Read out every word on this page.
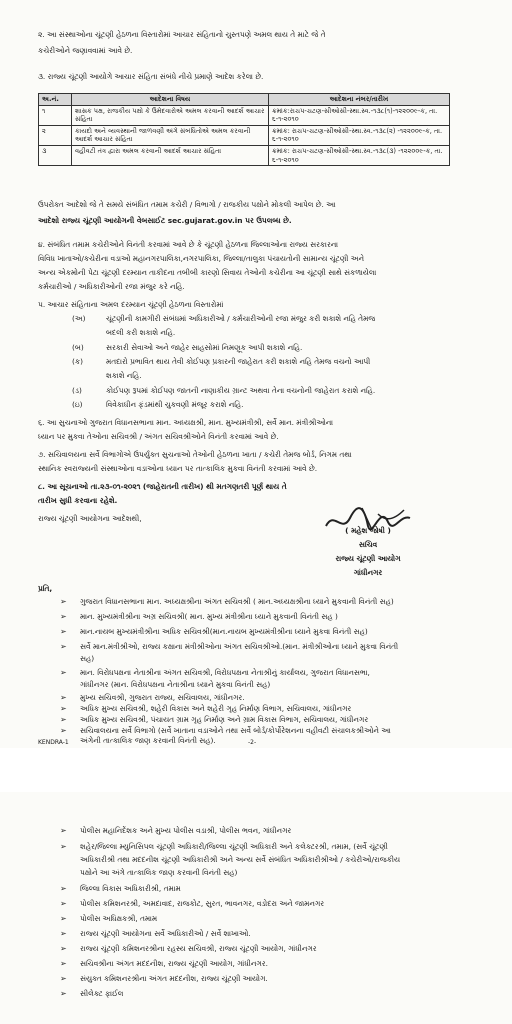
૨. આ સંસ્થાઓના ચૂંટણી હેઠળના વિસ્તારોમાં આચાર સંહિતાનો ચુસ્તપણે અમલ થાય તે માટે જે તે
કચેરીઓને જણાવવામાં આવે છે.
૩. રાજ્ય ચૂંટણી આયોગે આચાર સંહિતા સંબંધે નીચે પ્રમાણે આદેશ કરેલા છે.
અ.નં.	આદેશના વિષય	આદેશના નંબર/તારીખ
૧	શાસક પક્ષ, રાજકીય પક્ષો કે ઉમેદવારોએ અમલ કરવાની આદર્શ આચાર સંહિતા	ક્રમાંક:રાચપ-ચટણ-સીઓસી-સ્થા.સ્વ.-૧૩૮(૧)-૧૨૨૦૦૯-ક, તા. ૬-૧-૨૦૧૦
૨	કાયદો અને વ્યવસ્થાની જાળવણી અંગે સંબંધિતોએ અમલ કરવાની આદર્શ આચાર સંહિતા	ક્રમાંક: રાચપ-ચટણ-સીઓસી-સ્થા.સ્વ.-૧૩૮(૨) -૧૨૨૦૦૯-ક, તા. ૬-૧-૨૦૧૦
૩	વહીવટી તંત્ર દ્વારા અમલ કરવાની આદર્શ આચાર સંહિતા	ક્રમાંક: રાચપ-ચટણ-સીઓસી-સ્થા.સ્વ.-૧૩૮(૩) -૧૨૨૦૦૯-ક, તા. ૬-૧-૨૦૧૦
ઉપરોક્ત આદેશો જે તે સમયે સંબંધિત તમામ કચેરી / વિભાગો / રાજકીય પક્ષોને મોકલી આપેલ છે. આ
આદેશો રાજ્ય ચૂંટણી આયોગની વેબસાઈટ sec.gujarat.gov.in પર ઉપલબ્ધ છે.
૪. સંબંધિત તમામ કચેરીઓને વિનંતી કરવામાં આવે છે કે ચૂંટણી હેઠળના જિલ્લાઓના રાજ્ય સરકારના
વિવિધ ખાતાઓ/કચેરીના વડાઓ મહાનગરપાલિકા,નગરપાલિકા, જિલ્લા/તાલુકા પંચાયતોની સામાન્ય ચૂંટણી અને
અન્ય એકમોની પેટા ચૂંટણી દરમ્યાન તાકીદના તબીબી કારણો સિવાય તેઓની કચેરીના આ ચૂંટણી સાથે સંકળાયેલા
કર્મચારીઓ / અધિકારીઓની રજા મંજુર કરે નહિ.
૫. આચાર સંહિતાના અમલ દરમ્યાન ચૂંટણી હેઠળના વિસ્તારોમાં
(અ)	ચૂંટણીની કામગીરી સંબંધમાં અધિકારીઓ / કર્મચારીઓની રજા મંજુર કરી શકાશે નહિ તેમજ
બદલી કરી શકાશે નહિ.
(બ)	સરકારી સેવાઓ અને જાહેર સાહસોમાં નિમણૂક આપી શકાશે નહિ.
(ક)	મતદારો પ્રભાવિત થાય તેવી કોઈપણ પ્રકારની જાહેરાત કરી શકાશે નહિ તેમજ વચનો આપી
શકાશે નહિ.
(ડ)	કોઈપણ રૂપમાં કોઈપણ જાતની નાણાકીય ગ્રાન્ટ અથવા તેના વચનોની જાહેરાત કરાશે નહિ.
(ઇ)	વિવેકાધીન ફંડમાંથી ચુકવણી મંજૂર કરાશે નહિ.
૬. આ સુચનાઓ ગુજરાત વિધાનસભાના માન. અધ્યક્ષશ્રી, માન. મુખ્યમંત્રીશ્રી, સર્વે માન. મંત્રીશ્રીઓના
ધ્યાન પર મુકવા તેઓના સચિવશ્રી / અંગત સચિવશ્રીઓને વિનંતી કરવામાં આવે છે.
૭. સચિવાલયના સર્વે વિભાગોએ ઉપર્યુક્ત સુચનાઓ તેઓની હેઠળના ખાતા / કચેરી તેમજ બોર્ડ, નિગમ તથા
સ્થાનિક સ્વરાજ્યની સંસ્થાઓના વડાઓના ધ્યાન પર તાત્કાલિક મુકવા વિનંતી કરવામાં આવે છે.
૮. આ સૂચનાઓ તા.૨૩-૦૧-૨૦૨૧ (જાહેરાતની તારીખ) થી મતગણતરી પૂર્ણ થાય તે
તારીખ સુધી કરવાના રહેશે.
રાજ્ય ચૂંટણી આયોગના આદેશથી,
( મહેશ જોષી )
સચિવ
રાજ્ય ચૂંટણી આયોગ
ગાંધીનગર
પ્રતિ,
➢ ગુજરાત વિધાનસભાના માન. અધ્યક્ષશ્રીના અંગત સચિવશ્રી ( માન.અધ્યક્ષશ્રીના ધ્યાને મુકવાની વિનંતી સહ)
➢ માન. મુખ્યમંત્રીશ્રીના અગ્ર સચિવશ્રી( માન. મુખ્ય મંત્રીશ્રીના ધ્યાને મુકવાની વિનંતી સહ )
➢ માન.નાયબ મુખ્યમંત્રીશ્રીના અધિક સચિવશ્રી(માન.નાયબ મુખ્યમંત્રીશ્રીના ધ્યાને મુકવા વિનંતી સહ)
➢ સર્વે માન.મંત્રીશ્રીઓ, રાજ્ય કક્ષાના મંત્રીશ્રીઓના અંગત સચિવશ્રીઓ.(માન. મંત્રીશ્રીઓના ધ્યાને મુકવા વિનંતી
સહ)
➢ માન. વિરોધપક્ષના નેતાશ્રીના અંગત સચિવશ્રી, વિરોધપક્ષના નેતાશ્રીનું કાર્યાલય, ગુજરાત વિધાનસભા,
ગાંધીનગર (માન. વિરોધપક્ષના નેતાશ્રીના ધ્યાને મુકવા વિનંતી સહ)
➢ મુખ્ય સચિવશ્રી, ગુજરાત રાજ્ય, સચિવાલય, ગાંધીનગર.
➢ અધિક મુખ્ય સચિવશ્રી, શહેરી વિકાસ અને શહેરી ગૃહ નિર્માણ વિભાગ, સચિવાલય, ગાંધીનગર
➢ અધિક મુખ્ય સચિવશ્રી, પંચાયત ગ્રામ ગૃહ નિર્માણ અને ગ્રામ વિકાસ વિભાગ, સચિવાલય, ગાંધીનગર
➢ સચિવાલયના સર્વે વિભાગો (સર્વે ખાતાના વડાઓને તથા સર્વે બોર્ડ/કોર્પોરેશનના વહીવટી સંચાલકશ્રીઓને આ
અંગેની તાત્કાલિક જાણ કરવાની વિનંતી સહ).
KENDRA-1	-2-
➢ પોલીસ મહાનિર્દેશક અને મુખ્ય પોલીસ વડાશ્રી, પોલીસ ભવન, ગાંધીનગર
➢ શહેર/જિલ્લા મ્યુનિસિપલ ચૂંટણી અધિકારી/જિલ્લા ચૂંટણી અધિકારી અને કલેક્ટરશ્રી, તમામ, (સર્વે ચૂંટણી
અધિકારીશ્રી તથા મદદનીશ ચૂંટણી અધિકારીશ્રી અને અન્ય સર્વે સંબંધિત અધિકારીશ્રીઓ / કચેરીઓ/રાજકીય
પક્ષોને આ અંગે તાત્કાલિક જાણ કરવાની વિનંતી સહ)
➢ જિલ્લા વિકાસ અધિકારીશ્રી, તમામ
➢ પોલીસ કમિશનરશ્રી, અમદાવાદ, રાજકોટ, સુરત, ભાવનગર, વડોદરા અને જામનગર
➢ પોલીસ અધિક્ષકશ્રી, તમામ
➢ રાજ્ય ચૂંટણી આયોગના સર્વે અધિકારીઓ / સર્વે શાખાઓ.
➢ રાજ્ય ચૂંટણી કમિશનરશ્રીના રહસ્ય સચિવશ્રી, રાજ્ય ચૂંટણી આયોગ, ગાંધીનગર
➢ સચિવશ્રીના અંગત મદદનીશ, રાજ્ય ચૂંટણી આયોગ, ગાંધીનગર.
➢ સંયુક્ત કમિશનરશ્રીના અંગત મદદનીશ, રાજ્ય ચૂંટણી આયોગ.
➢ સીલેક્ટ ફાઈલ
